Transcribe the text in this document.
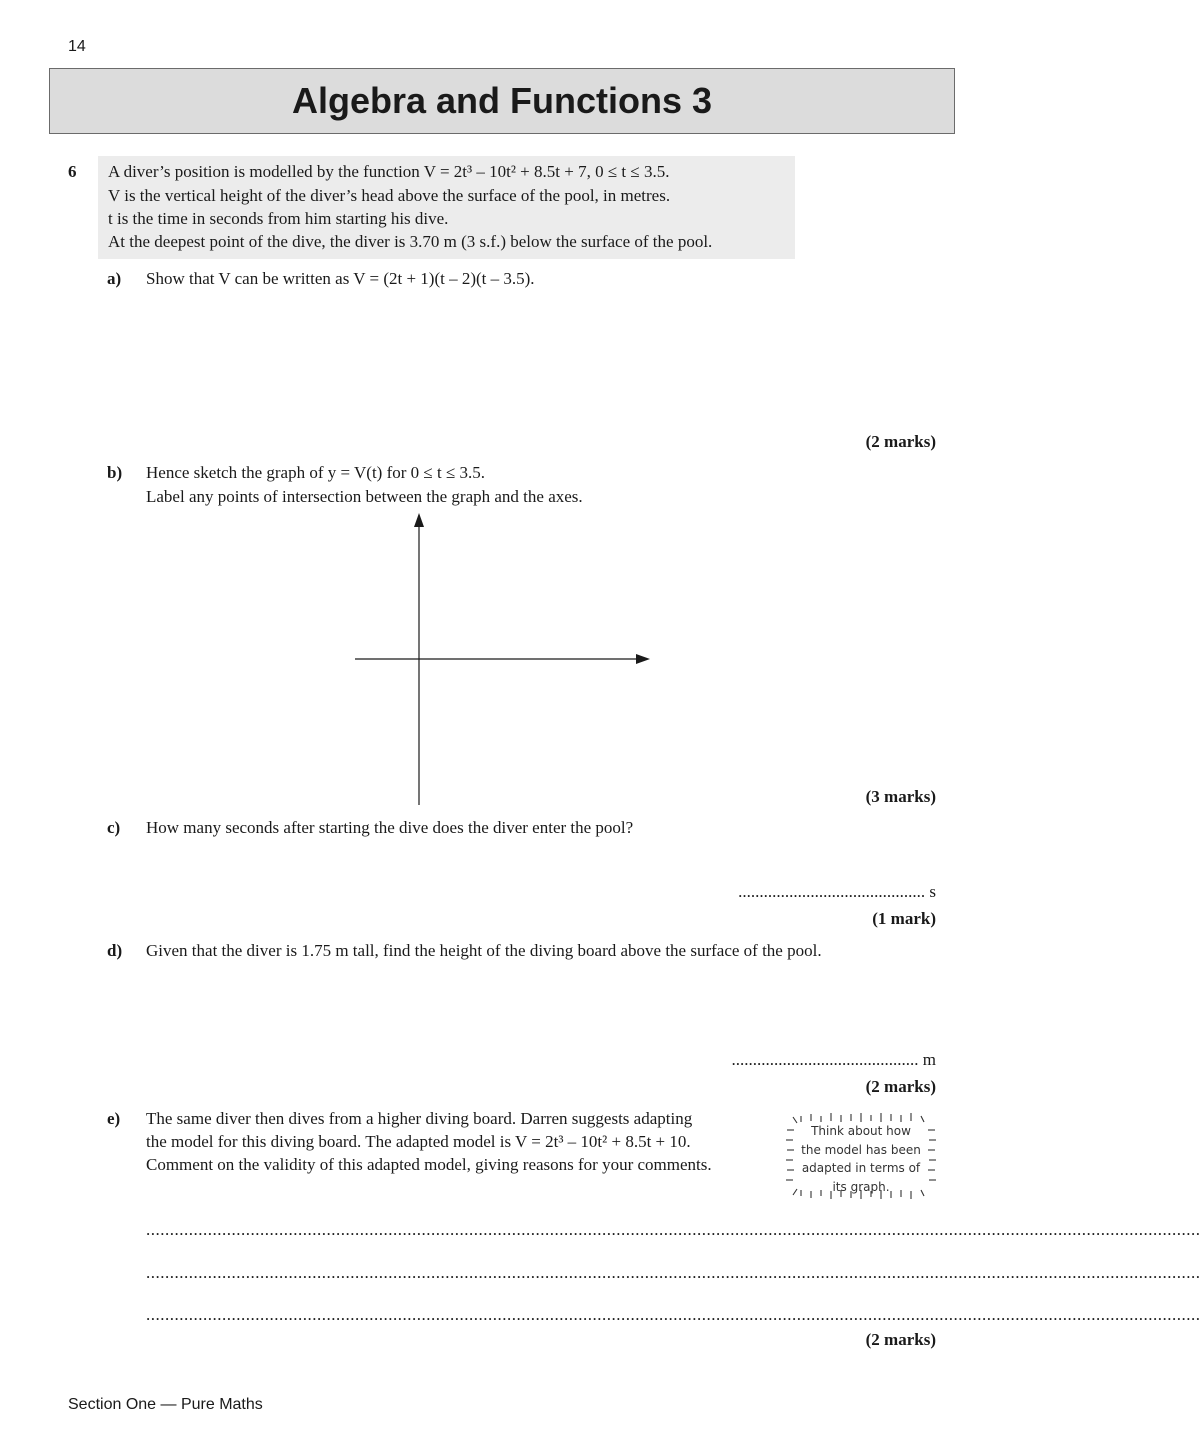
14
Algebra and Functions 3
6 A diver’s position is modelled by the function V = 2t³ – 10t² + 8.5t + 7, 0 ≤ t ≤ 3.5.
V is the vertical height of the diver’s head above the surface of the pool, in metres.
t is the time in seconds from him starting his dive.
At the deepest point of the dive, the diver is 3.70 m (3 s.f.) below the surface of the pool.
a) Show that V can be written as V = (2t + 1)(t – 2)(t – 3.5).
(2 marks)
b) Hence sketch the graph of y = V(t) for 0 ≤ t ≤ 3.5.
Label any points of intersection between the graph and the axes.
(3 marks)
c) How many seconds after starting the dive does the diver enter the pool?
............................................ s
(1 mark)
d) Given that the diver is 1.75 m tall, find the height of the diving board above the surface of the pool.
............................................ m
(2 marks)
e) The same diver then dives from a higher diving board. Darren suggests adapting
the model for this diving board. The adapted model is V = 2t³ – 10t² + 8.5t + 10.
Comment on the validity of this adapted model, giving reasons for your comments.
Think about how the model has been adapted in terms of its graph.
..............................................................................................................................................................................................................................
..............................................................................................................................................................................................................................
..............................................................................................................................................................................................................................
(2 marks)
Section One — Pure Maths
